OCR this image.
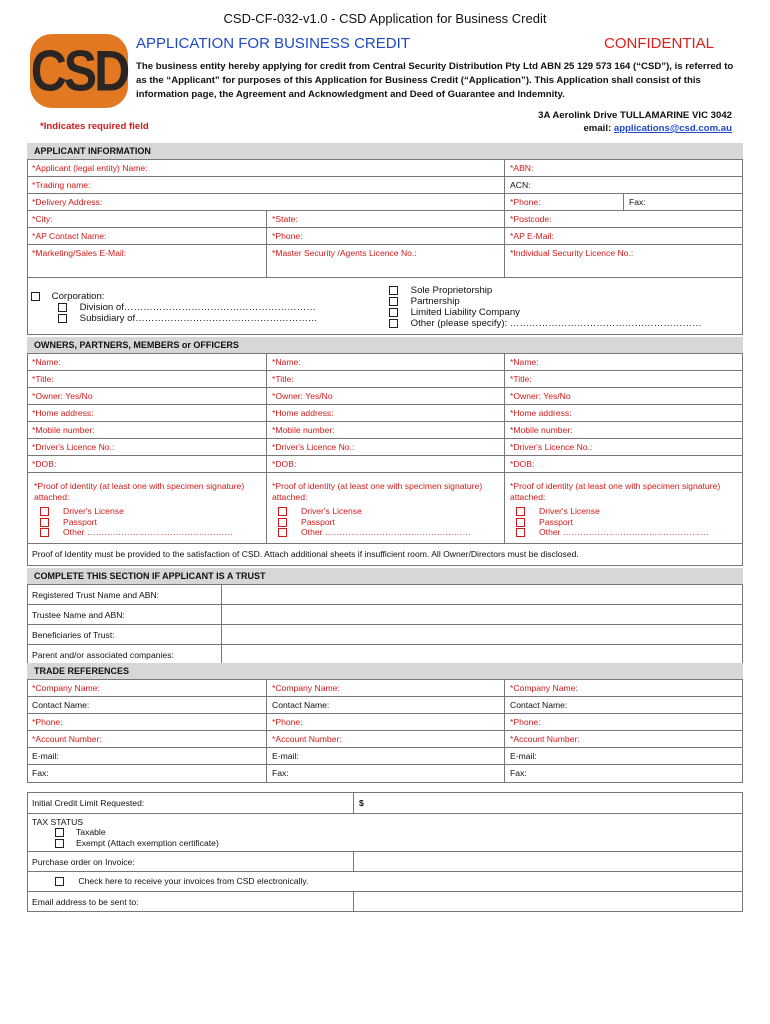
CSD-CF-032-v1.0 - CSD Application for Business Credit
CSD APPLICATION FOR BUSINESS CREDIT	CONFIDENTIAL
The business entity hereby applying for credit from Central Security Distribution Pty Ltd ABN 25 129 573 164 (“CSD”), is referred to as the “Applicant” for purposes of this Application for Business Credit (“Application”). This Application shall consist of this information page, the Agreement and Acknowledgment and Deed of Guarantee and Indemnity.
3A Aerolink Drive TULLAMARINE VIC 3042
email: applications@csd.com.au
*Indicates required field
APPLICANT INFORMATION
*Applicant (legal entity) Name:	*ABN:
*Trading name:	ACN:
*Delivery Address:	*Phone:	Fax:
*City:	*State:	*Postcode:
*AP Contact Name:	*Phone:	*AP E-Mail:
*Marketing/Sales E-Mail:	*Master Security /Agents Licence No.:	*Individual Security Licence No.:
Corporation:
Division of……………………………………………………
Subsidiary of…………………………………………………
Sole Proprietorship
Partnership
Limited Liability Company
Other (please specify): ……………………………………………………
OWNERS, PARTNERS, MEMBERS or OFFICERS
*Name:	*Name:	*Name:
*Title:	*Title:	*Title:
*Owner: Yes/No	*Owner: Yes/No	*Owner: Yes/No
*Home address:	*Home address:	*Home address:
*Mobile number:	*Mobile number:	*Mobile number:
*Driver's Licence No.:	*Driver's Licence No.:	*Driver's Licence No.:
*DOB:	*DOB:	*DOB:
Proof of Identity must be provided to the satisfaction of CSD. Attach additional sheets if insufficient room. All Owner/Directors must be disclosed.
*Proof of identity (at least one with specimen signature) attached:
Driver's License
Passport
Other ……………………………………………
*Proof of identity (at least one with specimen signature) attached:
Driver's License
Passport
Other ……………………………………………
*Proof of identity (at least one with specimen signature) attached:
Driver's License
Passport
Other ……………………………………………
COMPLETE THIS SECTION IF APPLICANT IS A TRUST
Registered Trust Name and ABN:
Trustee Name and ABN:
Beneficiaries of Trust:
Parent and/or associated companies:
TRADE REFERENCES
*Company Name:	*Company Name:	*Company Name:
Contact Name:	Contact Name:	Contact Name:
*Phone:	*Phone:	*Phone:
*Account Number:	*Account Number:	*Account Number:
E-mail:	E-mail:	E-mail:
Fax:	Fax:	Fax:
Initial Credit Limit Requested:	$
TAX STATUS
Taxable
Exempt (Attach exemption certificate)
Purchase order on Invoice:
Check here to receive your invoices from CSD electronically.
Email address to be sent to:
